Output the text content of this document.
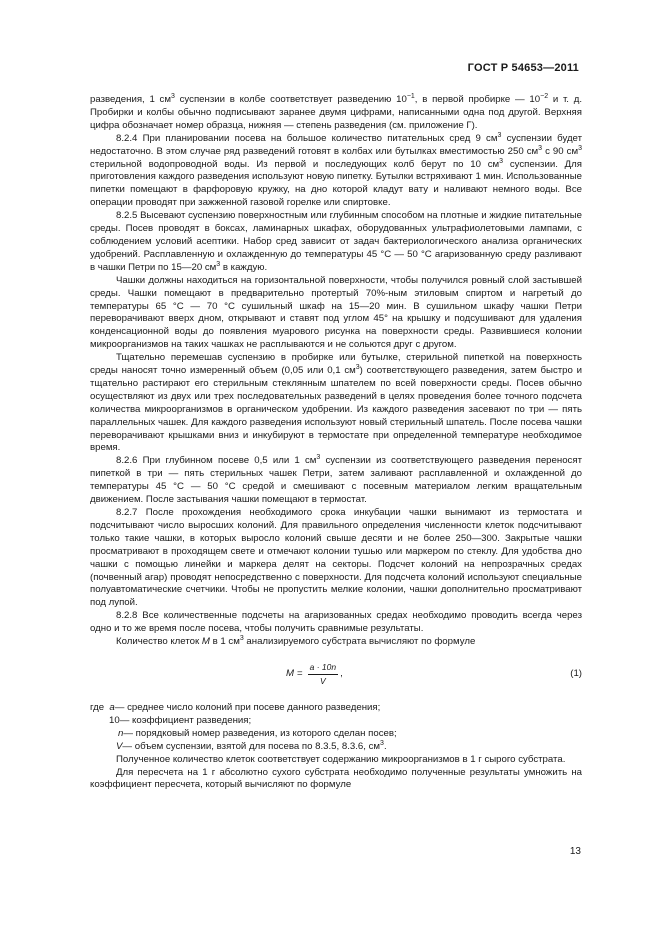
ГОСТ Р 54653—2011

разведения, 1 $см^3$ суспензии в колбе соответствует разведению $10^{-1}$, в первой пробирке — $10^{-2}$ и т. д. Пробирки и колбы обычно подписывают заранее двумя цифрами, написанными одна под другой. Верхняя цифра обозначает номер образца, нижняя — степень разведения (см. приложение Г).

8.2.4 При планировании посева на большое количество питательных сред 9 $см^3$ суспензии будет недостаточно. В этом случае ряд разведений готовят в колбах или бутылках вместимостью 250 $см^3$ с 90 $см^3$ стерильной водопроводной воды. Из первой и последующих колб берут по 10 $см^3$ суспензии. Для приготовления каждого разведения используют новую пипетку. Бутылки встряхивают 1 мин. Использованные пипетки помещают в фарфоровую кружку, на дно которой кладут вату и наливают немного воды. Все операции проводят при зажженной газовой горелке или спиртовке.

8.2.5 Высевают суспензию поверхностным или глубинным способом на плотные и жидкие питательные среды. Посев проводят в боксах, ламинарных шкафах, оборудованных ультрафиолетовыми лампами, с соблюдением условий асептики. Набор сред зависит от задач бактериологического анализа органических удобрений. Расплавленную и охлажденную до температуры 45 °С — 50 °С агаризованную среду разливают в чашки Петри по 15—20 $см^3$ в каждую.

Чашки должны находиться на горизонтальной поверхности, чтобы получился ровный слой застывшей среды. Чашки помещают в предварительно протертый 70%-ным этиловым спиртом и нагретый до температуры 65 °С — 70 °С сушильный шкаф на 15—20 мин. В сушильном шкафу чашки Петри переворачивают вверх дном, открывают и ставят под углом 45° на крышку и подсушивают для удаления конденсационной воды до появления муарового рисунка на поверхности среды. Развившиеся колонии микроорганизмов на таких чашках не расплываются и не сольются друг с другом.

Тщательно перемешав суспензию в пробирке или бутылке, стерильной пипеткой на поверхность среды наносят точно измеренный объем (0,05 или 0,1 $см^3$) соответствующего разведения, затем быстро и тщательно растирают его стерильным стеклянным шпателем по всей поверхности среды. Посев обычно осуществляют из двух или трех последовательных разведений в целях проведения более точного подсчета количества микроорганизмов в органическом удобрении. Из каждого разведения засевают по три — пять параллельных чашек. Для каждого разведения используют новый стерильный шпатель. После посева чашки переворачивают крышками вниз и инкубируют в термостате при определенной температуре необходимое время.

8.2.6 При глубинном посеве 0,5 или 1 $см^3$ суспензии из соответствующего разведения переносят пипеткой в три — пять стерильных чашек Петри, затем заливают расплавленной и охлажденной до температуры 45 °С — 50 °С средой и смешивают с посевным материалом легким вращательным движением. После застывания чашки помещают в термостат.

8.2.7 После прохождения необходимого срока инкубации чашки вынимают из термостата и подсчитывают число выросших колоний. Для правильного определения численности клеток подсчитывают только такие чашки, в которых выросло колоний свыше десяти и не более 250—300. Закрытые чашки просматривают в проходящем свете и отмечают колонии тушью или маркером по стеклу. Для удобства дно чашки с помощью линейки и маркера делят на секторы. Подсчет колоний на непрозрачных средах (почвенный агар) проводят непосредственно с поверхности. Для подсчета колоний используют специальные полуавтоматические счетчики. Чтобы не пропустить мелкие колонии, чашки дополнительно просматривают под лупой.

8.2.8 Все количественные подсчеты на агаризованных средах необходимо проводить всегда через одно и то же время после посева, чтобы получить сравнимые результаты.

Количество клеток M в 1 $см^3$ анализируемого субстрата вычисляют по формуле

$M = \frac{a \cdot 10n}{V}$ ,	(1)
где a — среднее число колоний при посеве данного разведения;
10 — коэффициент разведения;
n — порядковый номер разведения, из которого сделан посев;
V — объем суспензии, взятой для посева по 8.3.5, 8.3.6, $см^3$.

Полученное количество клеток соответствует содержанию микроорганизмов в 1 г сырого субстрата.

Для пересчета на 1 г абсолютно сухого субстрата необходимо полученные результаты умножить на коэффициент пересчета, который вычисляют по формуле

13
